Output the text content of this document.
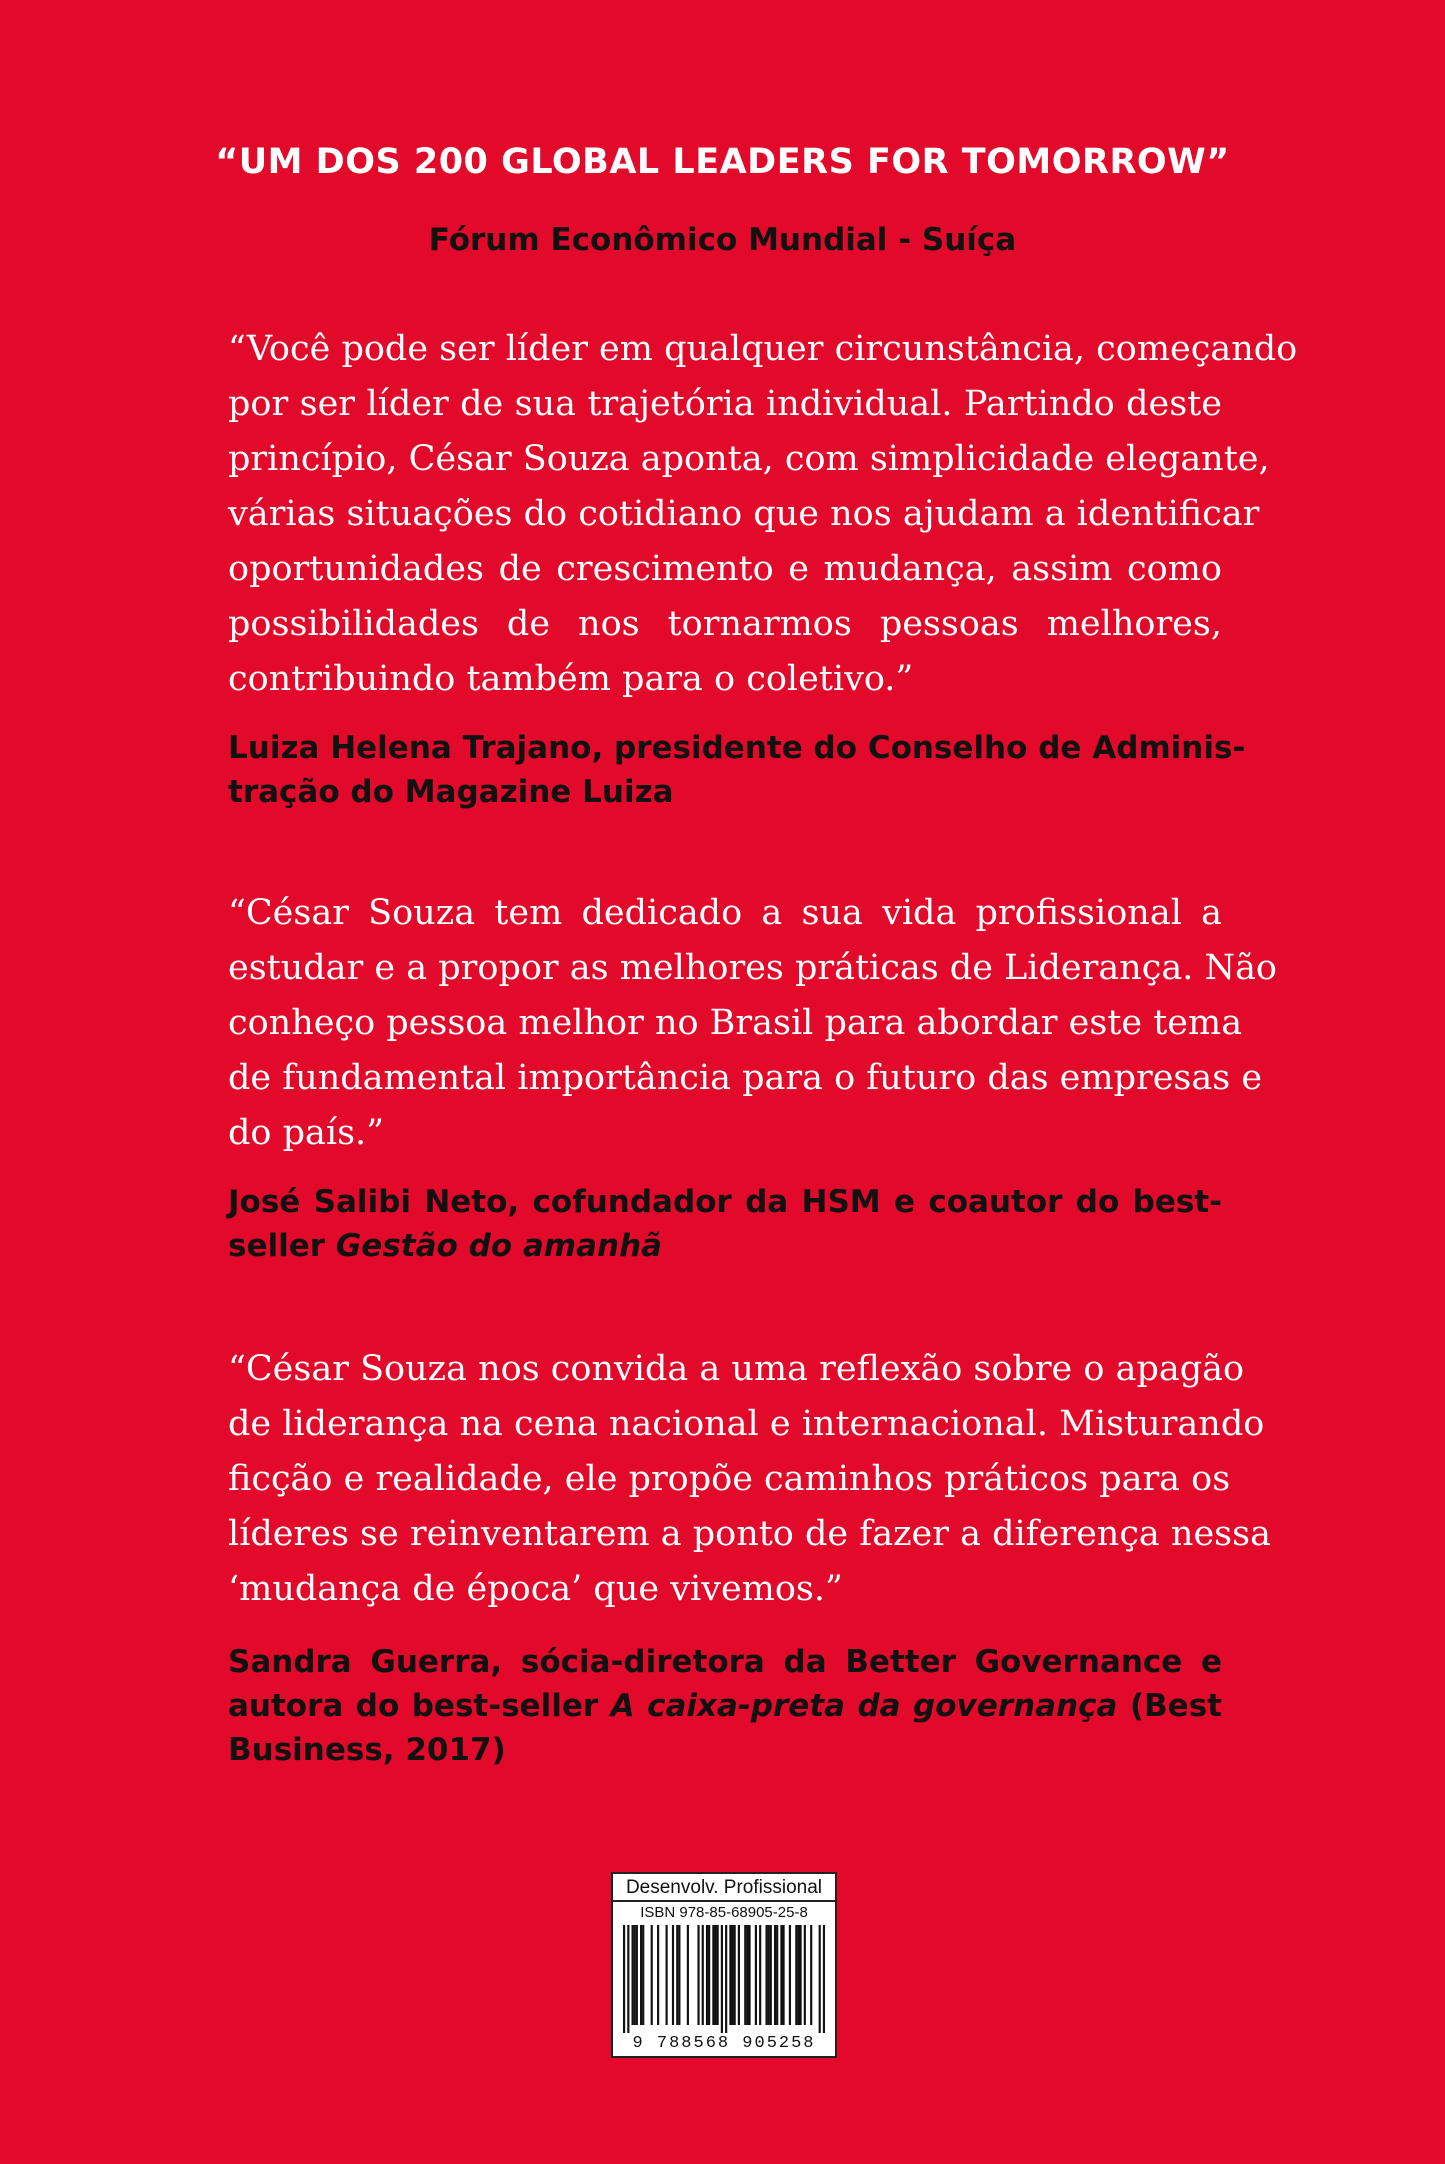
“UM DOS 200 GLOBAL LEADERS FOR TOMORROW”
Fórum Econômico Mundial - Suíça
“Você pode ser líder em qualquer circunstância, começando
por ser líder de sua trajetória individual. Partindo deste
princípio, César Souza aponta, com simplicidade elegante,
várias situações do cotidiano que nos ajudam a identificar
oportunidades de crescimento e mudança, assim como
possibilidades de nos tornarmos pessoas melhores,
contribuindo também para o coletivo.”
Luiza Helena Trajano, presidente do Conselho de Adminis-
tração do Magazine Luiza
“César Souza tem dedicado a sua vida profissional a
estudar e a propor as melhores práticas de Liderança. Não
conheço pessoa melhor no Brasil para abordar este tema
de fundamental importância para o futuro das empresas e
do país.”
José Salibi Neto, cofundador da HSM e coautor do best-
seller Gestão do amanhã
“César Souza nos convida a uma reflexão sobre o apagão
de liderança na cena nacional e internacional. Misturando
ficção e realidade, ele propõe caminhos práticos para os
líderes se reinventarem a ponto de fazer a diferença nessa
‘mudança de época’ que vivemos.”
Sandra Guerra, sócia-diretora da Better Governance e
autora do best-seller A caixa-preta da governança (Best
Business, 2017)
Desenvolv. Profissional
ISBN 978-85-68905-25-8
9 788568 905258
